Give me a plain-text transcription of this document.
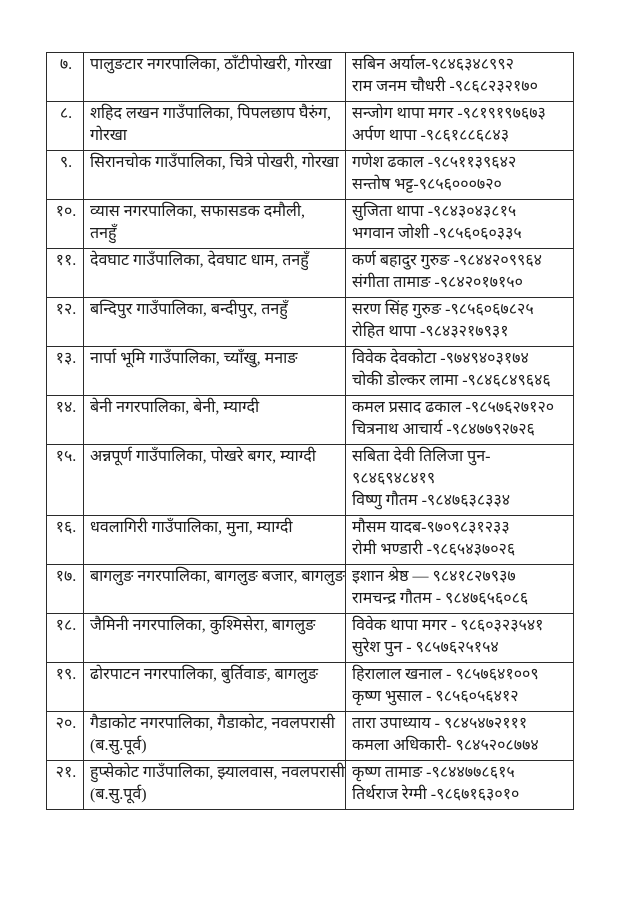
७.	पालुङटार नगरपालिका, ठाँटीपोखरी, गोरखा	सबिन अर्याल-९८४६३४८९९२
राम जनम चौधरी -९८६८२३२१७०

८.	शहिद लखन गाउँपालिका, पिपलछाप घैरुंग,
गोरखा	सन्जोग थापा मगर -९८१९१९७६७३
अर्पण थापा -९८६१८८६८४३

९.	सिरानचोक गाउँपालिका, चित्रे पोखरी, गोरखा	गणेश ढकाल -९८५११३९६४२
सन्तोष भट्ट-९८५६०००७२०

१०.	व्यास नगरपालिका, सफासडक दमौली,
तनहुँ	सुजिता थापा -९८४३०४३८१५
भगवान जोशी -९८५६०६०३३५

११.	देवघाट गाउँपालिका, देवघाट धाम, तनहुँ	कर्ण बहादुर गुरुङ -९८४४२०९९६४
संगीता तामाङ -९८४२०१७१५०

१२.	बन्दिपुर गाउँपालिका, बन्दीपुर, तनहुँ	सरण सिंह गुरुङ -९८५६०६७८२५
रोहित थापा -९८४३२१७९३१

१३.	नार्पा भूमि गाउँपालिका, च्याँखु, मनाङ	विवेक देवकोटा -९७४९४०३१७४
चोकी डोल्कर लामा -९८४६८४९६४६

१४.	बेनी नगरपालिका, बेनी, म्याग्दी	कमल प्रसाद ढकाल -९८५७६२७१२०
चित्रनाथ आचार्य -९८४७७९२७२६

१५.	अन्नपूर्ण गाउँपालिका, पोखरे बगर, म्याग्दी	सबिता देवी तिलिजा पुन-
९८४६९४८४१९
विष्णु गौतम -९८४७६३८३३४

१६.	धवलागिरी गाउँपालिका, मुना, म्याग्दी	मौसम यादब-९७०९८३१२३३
रोमी भण्डारी -९८६५४३७०२६

१७.	बागलुङ नगरपालिका, बागलुङ बजार, बागलुङ	इशान श्रेष्ठ — ९८४१८२७९३७
रामचन्द्र गौतम - ९८४७६५६०८६

१८.	जैमिनी नगरपालिका, कुश्मिसेरा, बागलुङ	विवेक थापा मगर - ९८६०३२३५४१
सुरेश पुन - ९८५७६२५१५४

१९.	ढोरपाटन नगरपालिका, बुर्तिवाङ, बागलुङ	हिरालाल खनाल - ९८५७६४१००९
कृष्ण भुसाल - ९८५६०५६४१२

२०.	गैडाकोट नगरपालिका, गैडाकोट, नवलपरासी
(ब.सु.पूर्व)	तारा उपाध्याय - ९८४५४७२१११
कमला अधिकारी- ९८४५२०८७७४

२१.	हुप्सेकोट गाउँपालिका, झ्यालवास, नवलपरासी
(ब.सु.पूर्व)	कृष्ण तामाङ -९८४४७७८६१५
तिर्थराज रेग्मी -९८६७१६३०१०
